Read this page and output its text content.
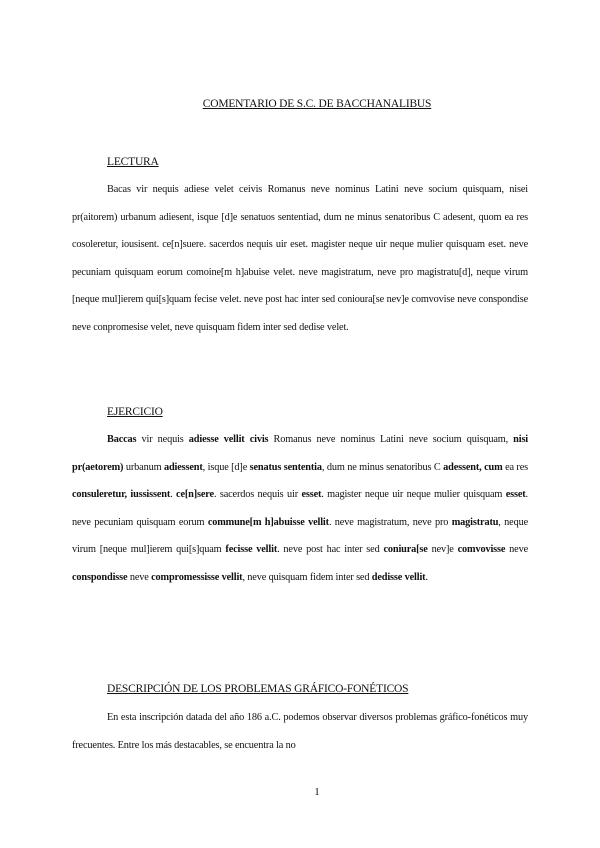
COMENTARIO DE S.C. DE BACCHANALIBUS
LECTURA

Bacas vir nequis adiese velet ceivis Romanus neve nominus Latini neve socium quisquam, nisei pr(aitorem) urbanum adiesent, isque [d]e senatuos sententiad, dum ne minus senatoribus C adesent, quom ea res cosoleretur, iousisent. ce[n]suere. sacerdos nequis uir eset. magister neque uir neque mulier quisquam eset. neve pecuniam quisquam eorum comoine[m h]abuise velet. neve magistratum, neve pro magistratu[d], neque virum [neque mul]ierem qui[s]quam fecise velet. neve post hac inter sed conioura[se nev]e comvovise neve conspondise neve conpromesise velet, neve quisquam fidem inter sed dedise velet.

EJERCICIO

Baccas vir nequis adiesse vellit civis Romanus neve nominus Latini neve socium quisquam, nisi pr(aetorem) urbanum adiessent, isque [d]e senatus sententia, dum ne minus senatoribus C adessent, cum ea res consuleretur, iussissent. ce[n]sere. sacerdos nequis uir esset. magister neque uir neque mulier quisquam esset. neve pecuniam quisquam eorum commune[m h]abuisse vellit. neve magistratum, neve pro magistratu, neque virum [neque mul]ierem qui[s]quam fecisse vellit. neve post hac inter sed coniura[se nev]e comvovisse neve conspondisse neve compromessisse vellit, neve quisquam fidem inter sed dedisse vellit.

DESCRIPCIÓN DE LOS PROBLEMAS GRÁFICO-FONÉTICOS

En esta inscripción datada del año 186 a.C. podemos observar diversos problemas gráfico-fonéticos muy frecuentes. Entre los más destacables, se encuentra la no

1
